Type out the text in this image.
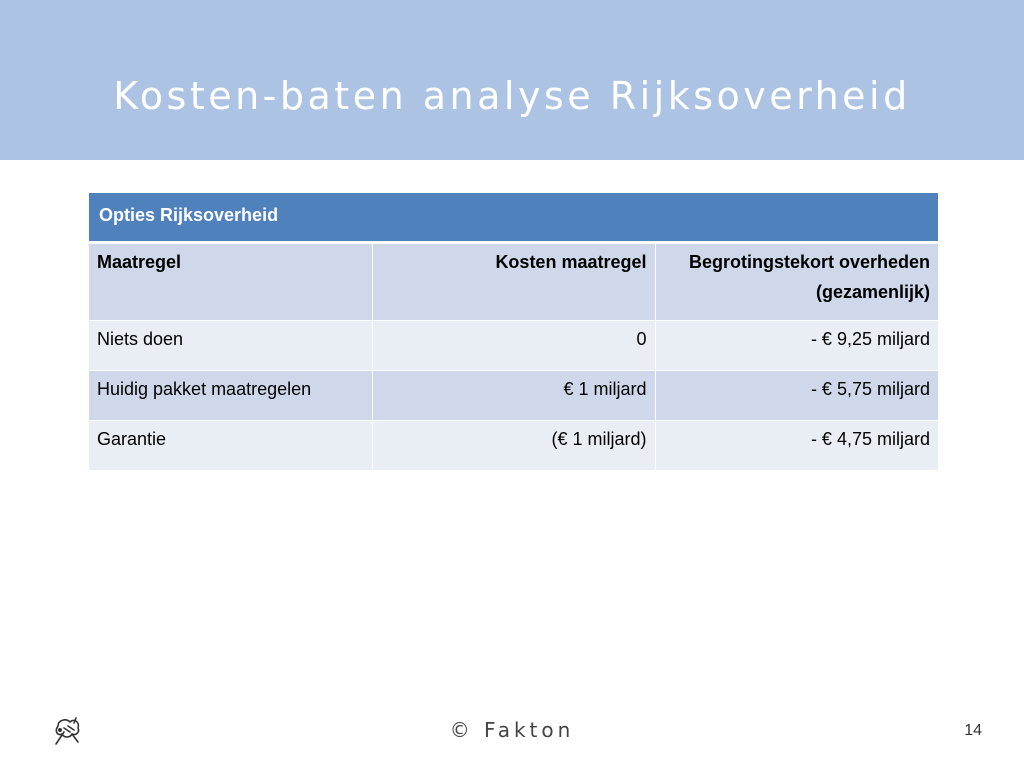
Kosten-baten analyse Rijksoverheid
Opties Rijksoverheid		
Maatregel	Kosten maatregel	Begrotingstekort overheden (gezamenlijk)
Niets doen	0	- € 9,25 miljard
Huidig pakket maatregelen	€ 1 miljard	- € 5,75 miljard
Garantie	(€ 1 miljard)	- € 4,75 miljard
© Fakton	14
